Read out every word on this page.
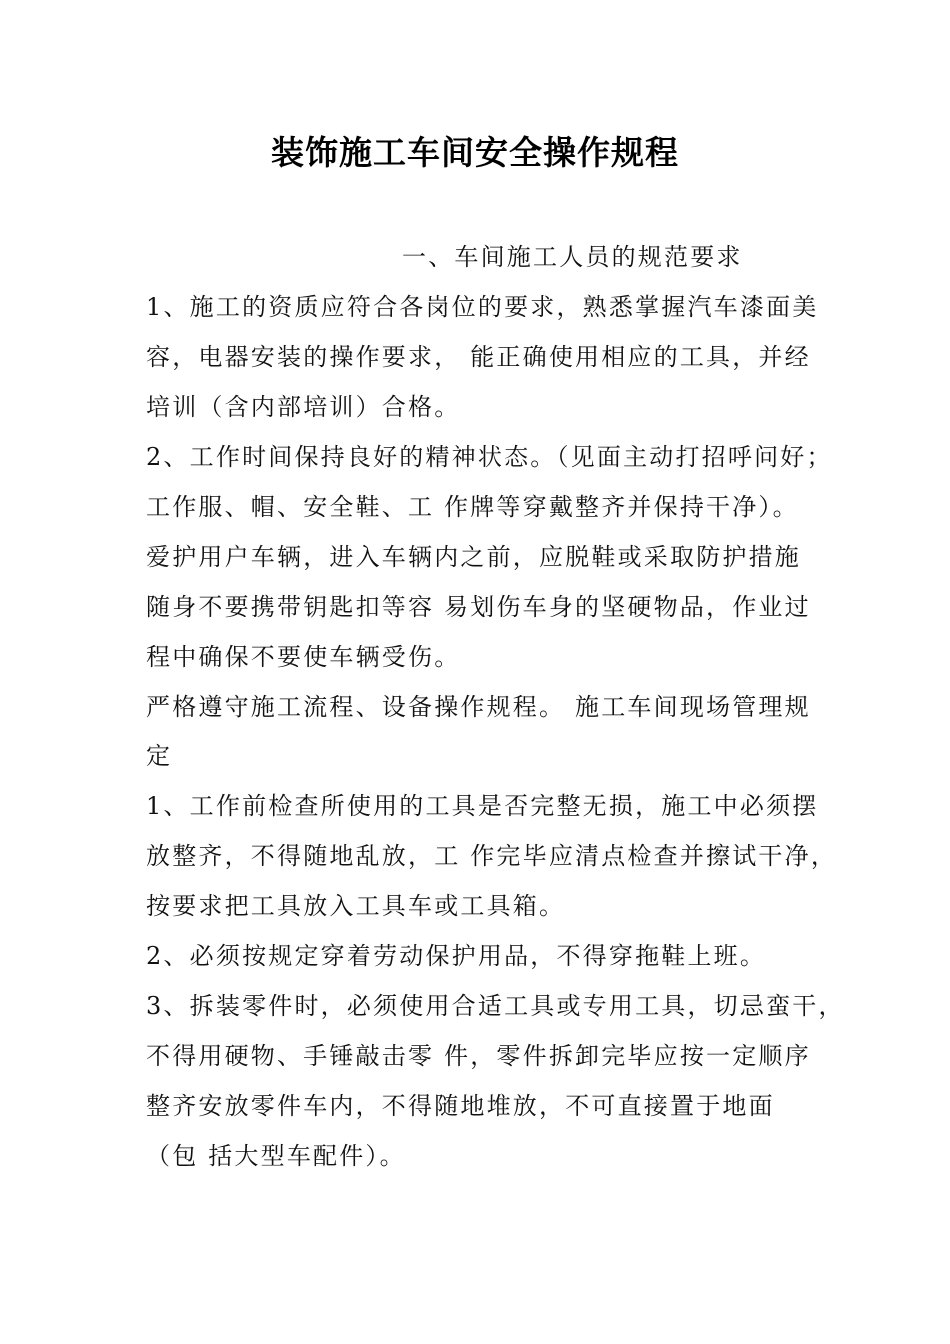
装饰施工车间安全操作规程
一、车间施工人员的规范要求
1、施工的资质应符合各岗位的要求，熟悉掌握汽车漆面美
容，电器安装的操作要求， 能正确使用相应的工具，并经
培训（含内部培训）合格。
2、工作时间保持良好的精神状态。（见面主动打招呼问好；
工作服、帽、安全鞋、工 作牌等穿戴整齐并保持干净）。
爱护用户车辆，进入车辆内之前，应脱鞋或采取防护措施
随身不要携带钥匙扣等容 易划伤车身的坚硬物品，作业过
程中确保不要使车辆受伤。
严格遵守施工流程、设备操作规程。 施工车间现场管理规
定
1、工作前检查所使用的工具是否完整无损，施工中必须摆
放整齐，不得随地乱放，工 作完毕应清点检查并擦试干净，
按要求把工具放入工具车或工具箱。
2、必须按规定穿着劳动保护用品，不得穿拖鞋上班。
3、拆装零件时，必须使用合适工具或专用工具，切忌蛮干，
不得用硬物、手锤敲击零 件，零件拆卸完毕应按一定顺序
整齐安放零件车内，不得随地堆放，不可直接置于地面
（包 括大型车配件）。
